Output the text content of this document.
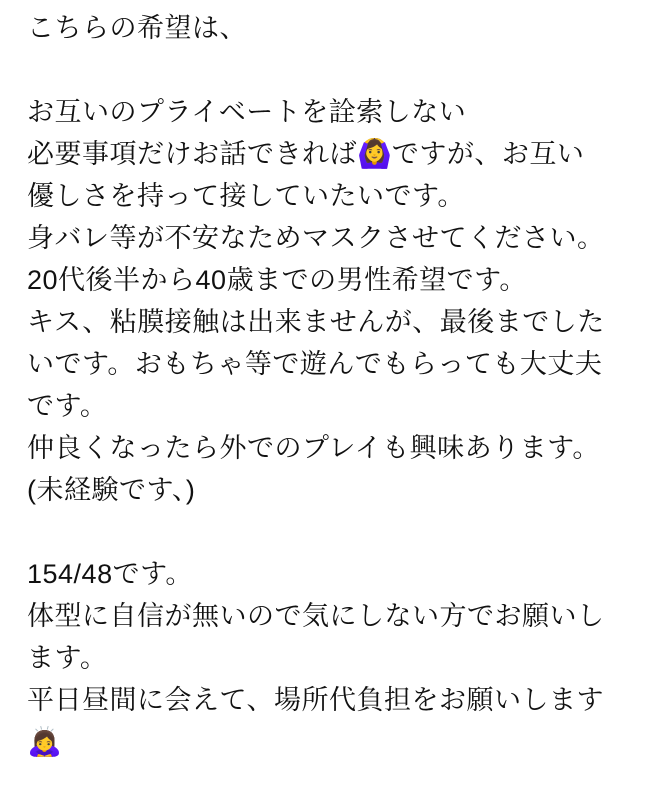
こちらの希望は、
お互いのプライベートを詮索しない
必要事項だけお話できれば🙆‍♀️ですが、お互い
優しさを持って接していたいです。
身バレ等が不安なためマスクさせてください。
20代後半から40歳までの男性希望です。
キス、粘膜接触は出来ませんが、最後までした
いです。おもちゃ等で遊んでもらっても大丈夫
です。
仲良くなったら外でのプレイも興味あります。
(未経験です、)
154/48です。
体型に自信が無いので気にしない方でお願いし
ます。
平日昼間に会えて、場所代負担をお願いします
🙇‍♀️
